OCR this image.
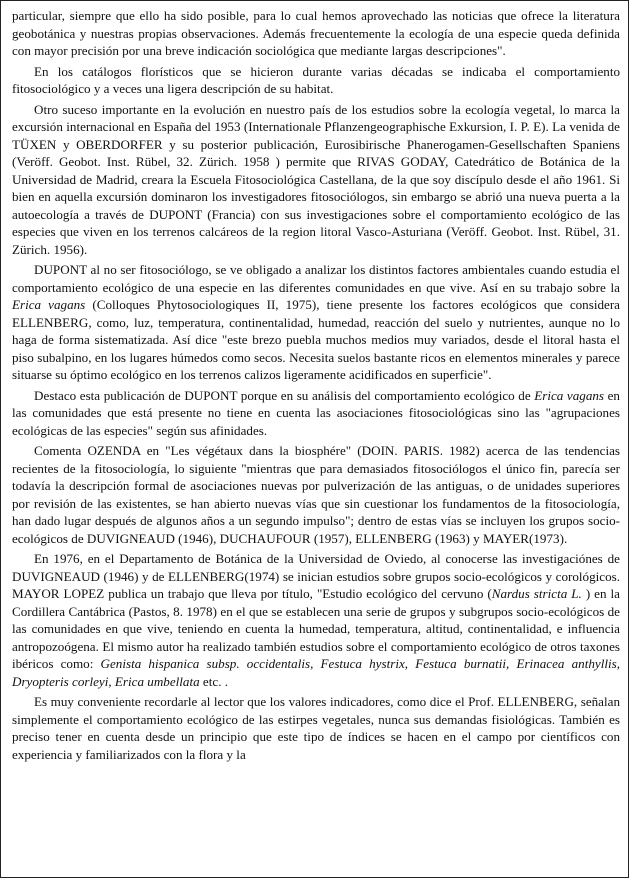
particular, siempre que ello ha sido posible, para lo cual hemos aprovechado las noticias que ofrece la literatura geobotánica y nuestras propias observaciones. Además frecuentemente la ecología de una especie queda definida con mayor precisión por una breve indicación sociológica que mediante largas descripciones".

En los catálogos florísticos que se hicieron durante varias décadas se indicaba el comportamiento fitosociológico y a veces una ligera descripción de su habitat.

Otro suceso importante en la evolución en nuestro país de los estudios sobre la ecología vegetal, lo marca la excursión internacional en España del 1953 (Internationale Pflanzengeographische Exkursion, I. P. E). La venida de TÜXEN y OBERDORFER y su posterior publicación, Eurosibirische Phanerogamen-Gesellschaften Spaniens (Veröff. Geobot. Inst. Rübel, 32. Zürich. 1958 ) permite que RIVAS GODAY, Catedrático de Botánica de la Universidad de Madrid, creara la Escuela Fitosociológica Castellana, de la que soy discípulo desde el año 1961. Si bien en aquella excursión dominaron los investigadores fitosociólogos, sin embargo se abrió una nueva puerta a la autoecología a través de DUPONT (Francia) con sus investigaciones sobre el comportamiento ecológico de las especies que viven en los terrenos calcáreos de la region litoral Vasco-Asturiana (Veröff. Geobot. Inst. Rübel, 31. Zürich. 1956).

DUPONT al no ser fitosociólogo, se ve obligado a analizar los distintos factores ambientales cuando estudia el comportamiento ecológico de una especie en las diferentes comunidades en que vive. Así en su trabajo sobre la Erica vagans (Colloques Phytosociologiques II, 1975), tiene presente los factores ecológicos que considera ELLENBERG, como, luz, temperatura, continentalidad, humedad, reacción del suelo y nutrientes, aunque no lo haga de forma sistematizada. Así dice "este brezo puebla muchos medios muy variados, desde el litoral hasta el piso subalpino, en los lugares húmedos como secos. Necesita suelos bastante ricos en elementos minerales y parece situarse su óptimo ecológico en los terrenos calizos ligeramente acidificados en superficie".

Destaco esta publicación de DUPONT porque en su análisis del comportamiento ecológico de Erica vagans en las comunidades que está presente no tiene en cuenta las asociaciones fitosociológicas sino las "agrupaciones ecológicas de las especies" según sus afinidades.

Comenta OZENDA en "Les végétaux dans la biosphére" (DOIN. PARIS. 1982) acerca de las tendencias recientes de la fitosociología, lo siguiente "mientras que para demasiados fitosociólogos el único fin, parecía ser todavía la descripción formal de asociaciones nuevas por pulverización de las antiguas, o de unidades superiores por revisión de las existentes, se han abierto nuevas vías que sin cuestionar los fundamentos de la fitosociología, han dado lugar después de algunos años a un segundo impulso"; dentro de estas vías se incluyen los grupos socio-ecológicos de DUVIGNEAUD (1946), DUCHAUFOUR (1957), ELLENBERG (1963) y MAYER(1973).

En 1976, en el Departamento de Botánica de la Universidad de Oviedo, al conocerse las investigaciónes de DUVIGNEAUD (1946) y de ELLENBERG(1974) se inician estudios sobre grupos socio-ecológicos y corológicos. MAYOR LOPEZ publica un trabajo que lleva por título, "Estudio ecológico del cervuno (Nardus stricta L. ) en la Cordillera Cantábrica (Pastos, 8. 1978) en el que se establecen una serie de grupos y subgrupos socio-ecológicos de las comunidades en que vive, teniendo en cuenta la humedad, temperatura, altitud, continentalidad, e influencia antropozoógena. El mismo autor ha realizado también estudios sobre el comportamiento ecológico de otros taxones ibéricos como: Genista hispanica subsp. occidentalis, Festuca hystrix, Festuca burnatii, Erinacea anthyllis, Dryopteris corleyi, Erica umbellata etc. .

Es muy conveniente recordarle al lector que los valores indicadores, como dice el Prof. ELLENBERG, señalan simplemente el comportamiento ecológico de las estirpes vegetales, nunca sus demandas fisiológicas. También es preciso tener en cuenta desde un principio que este tipo de índices se hacen en el campo por científicos con experiencia y familiarizados con la flora y la
